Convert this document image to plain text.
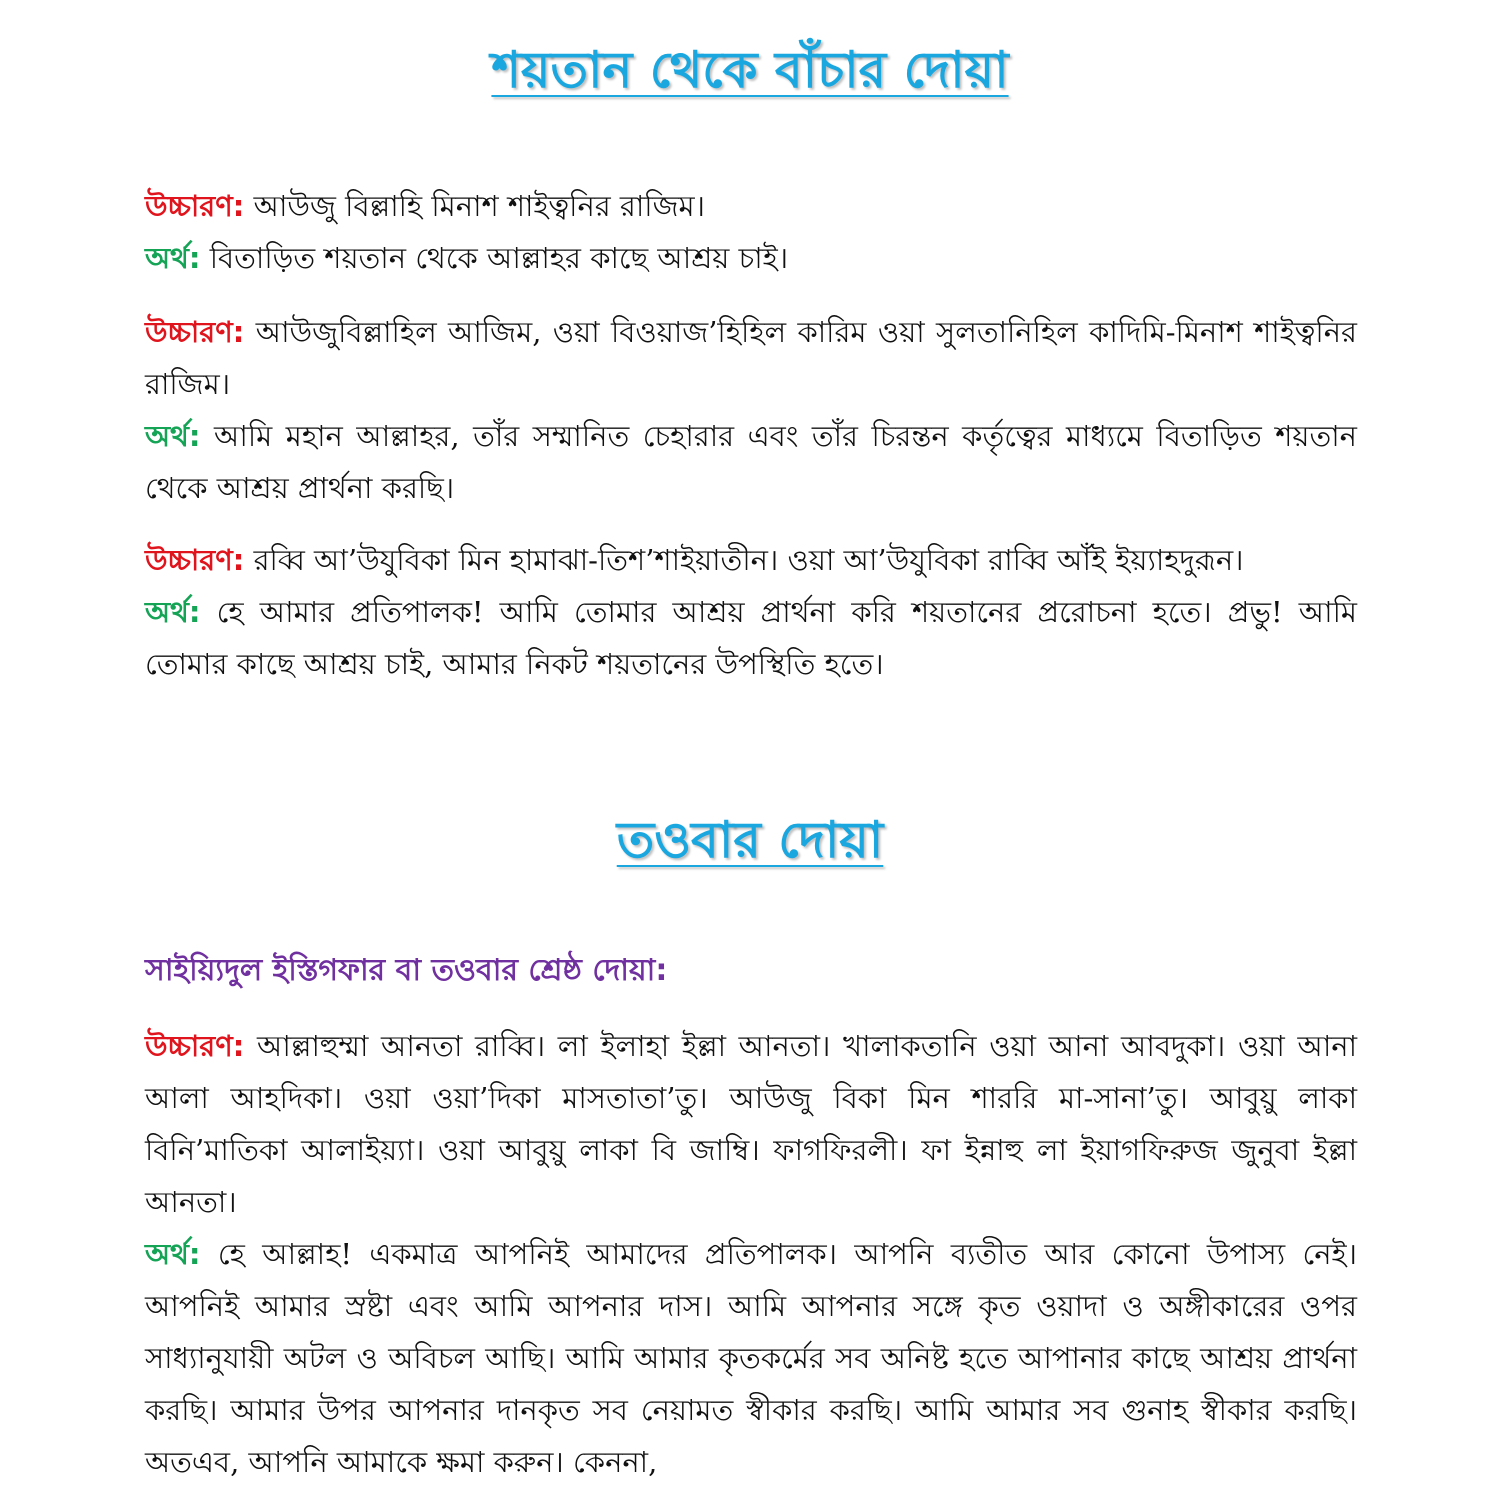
শয়তান থেকে বাঁচার দোয়া

উচ্চারণ: আউজু বিল্লাহি মিনাশ শাইত্বনির রাজিম।

অর্থ: বিতাড়িত শয়তান থেকে আল্লাহর কাছে আশ্রয় চাই।

উচ্চারণ: আউজুবিল্লাহিল আজিম, ওয়া বিওয়াজ’হিহিল কারিম ওয়া সুলতানিহিল কাদিমি-মিনাশ শাইত্বনির রাজিম।

অর্থ: আমি মহান আল্লাহর, তাঁর সম্মানিত চেহারার এবং তাঁর চিরন্তন কর্তৃত্বের মাধ্যমে বিতাড়িত শয়তান থেকে আশ্রয় প্রার্থনা করছি।

উচ্চারণ: রব্বি আ’উযুবিকা মিন হামাঝা-তিশ’শাইয়াতীন। ওয়া আ’উযুবিকা রাব্বি আঁই ইয়্যাহদুরূন।

অর্থ: হে আমার প্রতিপালক! আমি তোমার আশ্রয় প্রার্থনা করি শয়তানের প্ররোচনা হতে। প্রভু! আমি তোমার কাছে আশ্রয় চাই, আমার নিকট শয়তানের উপস্থিতি হতে।

তওবার দোয়া
সাইয়্যিদুল ইস্তিগফার বা তওবার শ্রেষ্ঠ দোয়া:

উচ্চারণ: আল্লাহুম্মা আনতা রাব্বি। লা ইলাহা ইল্লা আনতা। খালাকতানি ওয়া আনা আবদুকা। ওয়া আনা আলা আহদিকা। ওয়া ওয়া’দিকা মাসতাতা’তু। আউজু বিকা মিন শাররি মা-সানা’তু। আবুয়ু লাকা বিনি’মাতিকা আলাইয়্যা। ওয়া আবুয়ু লাকা বি জাম্বি। ফাগফিরলী। ফা ইন্নাহু লা ইয়াগফিরুজ জুনুবা ইল্লা আনতা।

অর্থ: হে আল্লাহ! একমাত্র আপনিই আমাদের প্রতিপালক। আপনি ব্যতীত আর কোনো উপাস্য নেই। আপনিই আমার স্রষ্টা এবং আমি আপনার দাস। আমি আপনার সঙ্গে কৃত ওয়াদা ও অঙ্গীকারের ওপর সাধ্যানুযায়ী অটল ও অবিচল আছি। আমি আমার কৃতকর্মের সব অনিষ্ট হতে আপানার কাছে আশ্রয় প্রার্থনা করছি। আমার উপর আপনার দানকৃত সব নেয়ামত স্বীকার করছি। আমি আমার সব গুনাহ স্বীকার করছি। অতএব, আপনি আমাকে ক্ষমা করুন। কেননা,
